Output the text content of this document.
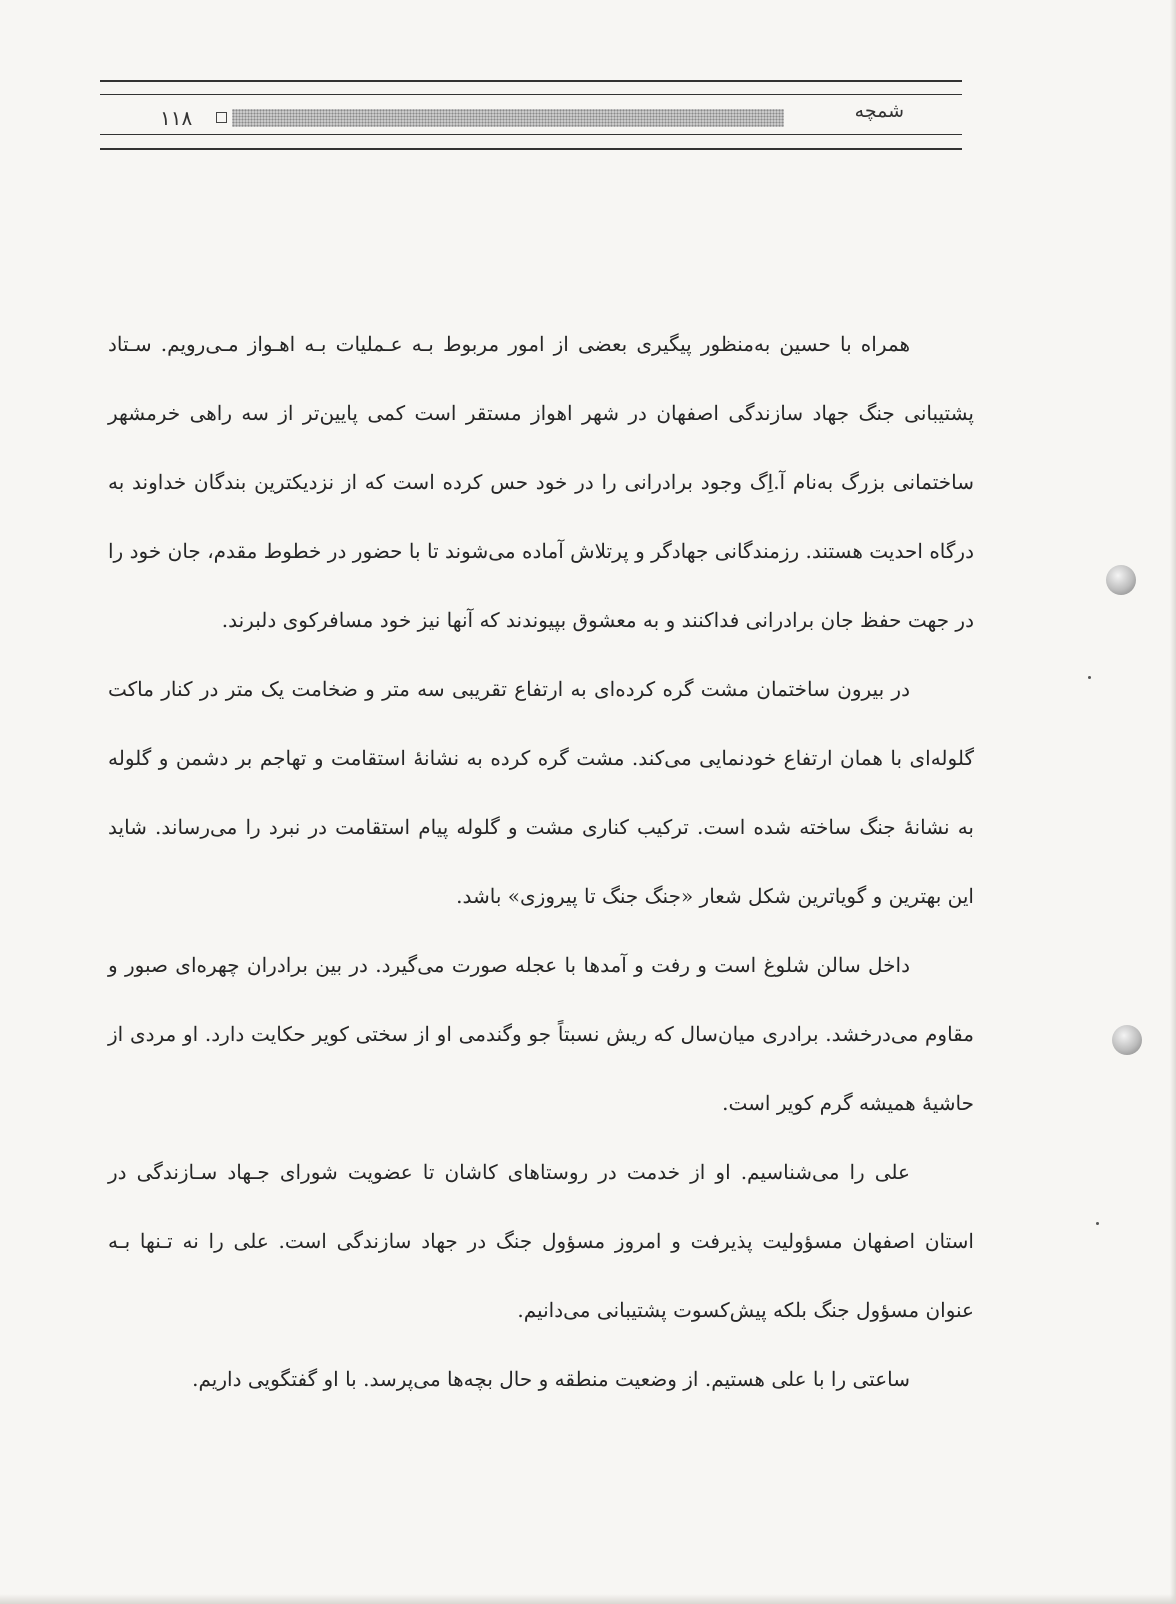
۱۱۸	شمچه

همراه با حسین به‌منظور پیگیری بعضی از امور مربوط بـه عـملیات بـه اهـواز مـی‌رویم. سـتاد پشتیبانی جنگ جهاد سازندگی اصفهان در شهر اهواز مستقر است کمی پایین‌تر از سه راهی خرمشهر ساختمانی بزرگ به‌نام آ.اِگ وجود برادرانی را در خود حس کرده است که از نزدیکترین بندگان خداوند به درگاه احدیت هستند. رزمندگانی جهادگر و پرتلاش آماده می‌شوند تا با حضور در خطوط مقدم، جان خود را در جهت حفظ جان برادرانی فداکنند و به معشوق بپیوندند که آنها نیز خود مسافرکوی دلبرند.

در بیرون ساختمان مشت گره کرده‌ای به ارتفاع تقریبی سه متر و ضخامت یک متر در کنار ماکت گلوله‌ای با همان ارتفاع خودنمایی می‌کند. مشت گره کرده به نشانهٔ استقامت و تهاجم بر دشمن و گلوله به نشانهٔ جنگ ساخته شده است. ترکیب کناری مشت و گلوله پیام استقامت در نبرد را می‌رساند. شاید این بهترین و گویاترین شکل شعار «جنگ جنگ تا پیروزی» باشد.

داخل سالن شلوغ است و رفت و آمدها با عجله صورت می‌گیرد. در بین برادران چهره‌ای صبور و مقاوم می‌درخشد. برادری میان‌سال که ریش نسبتاً جو وگندمی او از سختی کویر حکایت دارد. او مردی از حاشیهٔ همیشه گرم کویر است.

علی را می‌شناسیم. او از خدمت در روستاهای کاشان تا عضویت شورای جـهاد سـازندگی در استان اصفهان مسؤولیت پذیرفت و امروز مسؤول جنگ در جهاد سازندگی است. علی را نه تـنها بـه عنوان مسؤول جنگ بلکه پیش‌کسوت پشتیبانی می‌دانیم.

ساعتی را با علی هستیم. از وضعیت منطقه و حال بچه‌ها می‌پرسد. با او گفتگویی داریم.
